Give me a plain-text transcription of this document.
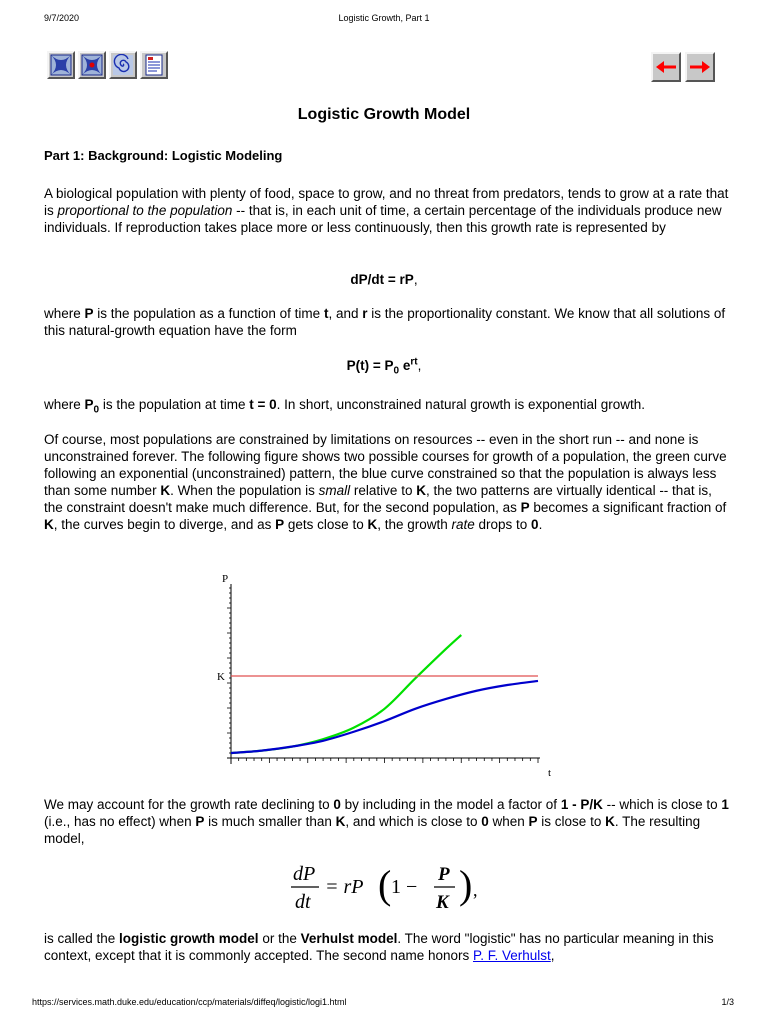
9/7/2020	Logistic Growth, Part 1
Logistic Growth Model
Part 1: Background: Logistic Modeling
A biological population with plenty of food, space to grow, and no threat from predators, tends to grow at a rate that is proportional to the population -- that is, in each unit of time, a certain percentage of the individuals produce new individuals. If reproduction takes place more or less continuously, then this growth rate is represented by
dP/dt = rP,
where P is the population as a function of time t, and r is the proportionality constant. We know that all solutions of this natural-growth equation have the form
$P(t) = P_0$ $e^{rt}$,
where $P_0$ is the population at time t = 0. In short, unconstrained natural growth is exponential growth.
Of course, most populations are constrained by limitations on resources -- even in the short run -- and none is unconstrained forever. The following figure shows two possible courses for growth of a population, the green curve following an exponential (unconstrained) pattern, the blue curve constrained so that the population is always less than some number K. When the population is small relative to K, the two patterns are virtually identical -- that is, the constraint doesn't make much difference. But, for the second population, as P becomes a significant fraction of K, the curves begin to diverge, and as P gets close to K, the growth rate drops to 0.
P
t
K
We may account for the growth rate declining to 0 by including in the model a factor of 1 - P/K -- which is close to 1 (i.e., has no effect) when P is much smaller than K, and which is close to 0 when P is close to K. The resulting model,
dP
dt
= rP ( 1 −
P
K ) ,
is called the logistic growth model or the Verhulst model. The word "logistic" has no particular meaning in this context, except that it is commonly accepted. The second name honors P. F. Verhulst,
https://services.math.duke.edu/education/ccp/materials/diffeq/logistic/logi1.html	1/3
